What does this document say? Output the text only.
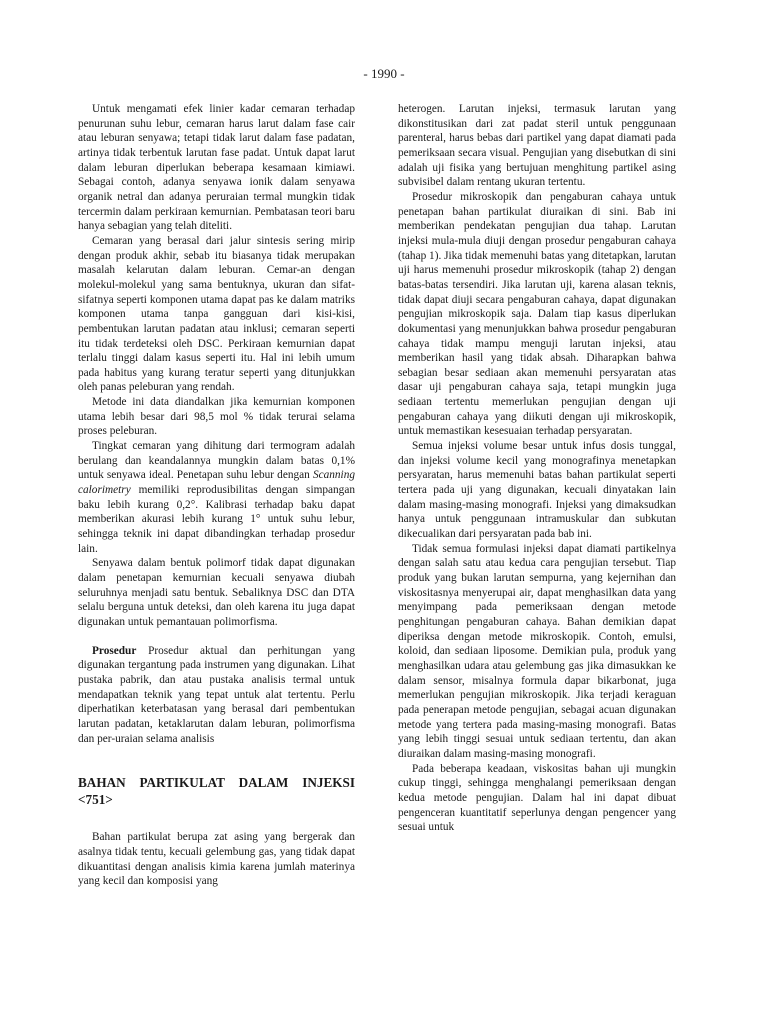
- 1990 -

Untuk mengamati efek linier kadar cemaran terhadap penurunan suhu lebur, cemaran harus larut dalam fase cair atau leburan senyawa; tetapi tidak larut dalam fase padatan, artinya tidak terbentuk larutan fase padat. Untuk dapat larut dalam leburan diperlukan beberapa kesamaan kimiawi. Sebagai contoh, adanya senyawa ionik dalam senyawa organik netral dan adanya peruraian termal mungkin tidak tercermin dalam perkiraan kemurnian. Pembatasan teori baru hanya sebagian yang telah diteliti.

Cemaran yang berasal dari jalur sintesis sering mirip dengan produk akhir, sebab itu biasanya tidak merupakan masalah kelarutan dalam leburan. Cemar-an dengan molekul-molekul yang sama bentuknya, ukuran dan sifat-sifatnya seperti komponen utama dapat pas ke dalam matriks komponen utama tanpa gangguan dari kisi-kisi, pembentukan larutan padatan atau inklusi; cemaran seperti itu tidak terdeteksi oleh DSC. Perkiraan kemurnian dapat terlalu tinggi dalam kasus seperti itu. Hal ini lebih umum pada habitus yang kurang teratur seperti yang ditunjukkan oleh panas peleburan yang rendah.

Metode ini data diandalkan jika kemurnian komponen utama lebih besar dari 98,5 mol % tidak terurai selama proses peleburan.

Tingkat cemaran yang dihitung dari termogram adalah berulang dan keandalannya mungkin dalam batas 0,1% untuk senyawa ideal. Penetapan suhu lebur dengan Scanning calorimetry memiliki reprodusibilitas dengan simpangan baku lebih kurang 0,2°. Kalibrasi terhadap baku dapat memberikan akurasi lebih kurang 1° untuk suhu lebur, sehingga teknik ini dapat dibandingkan terhadap prosedur lain.

Senyawa dalam bentuk polimorf tidak dapat digunakan dalam penetapan kemurnian kecuali senyawa diubah seluruhnya menjadi satu bentuk. Sebaliknya DSC dan DTA selalu berguna untuk deteksi, dan oleh karena itu juga dapat digunakan untuk pemantauan polimorfisma.

Prosedur Prosedur aktual dan perhitungan yang digunakan tergantung pada instrumen yang digunakan. Lihat pustaka pabrik, dan atau pustaka analisis termal untuk mendapatkan teknik yang tepat untuk alat tertentu. Perlu diperhatikan keterbatasan yang berasal dari pembentukan larutan padatan, ketaklarutan dalam leburan, polimorfisma dan per-uraian selama analisis

BAHAN PARTIKULAT DALAM INJEKSI <751>

Bahan partikulat berupa zat asing yang bergerak dan asalnya tidak tentu, kecuali gelembung gas, yang tidak dapat dikuantitasi dengan analisis kimia karena jumlah materinya yang kecil dan komposisi yang

heterogen. Larutan injeksi, termasuk larutan yang dikonstitusikan dari zat padat steril untuk penggunaan parenteral, harus bebas dari partikel yang dapat diamati pada pemeriksaan secara visual. Pengujian yang disebutkan di sini adalah uji fisika yang bertujuan menghitung partikel asing subvisibel dalam rentang ukuran tertentu.

Prosedur mikroskopik dan pengaburan cahaya untuk penetapan bahan partikulat diuraikan di sini. Bab ini memberikan pendekatan pengujian dua tahap. Larutan injeksi mula-mula diuji dengan prosedur pengaburan cahaya (tahap 1). Jika tidak memenuhi batas yang ditetapkan, larutan uji harus memenuhi prosedur mikroskopik (tahap 2) dengan batas-batas tersendiri. Jika larutan uji, karena alasan teknis, tidak dapat diuji secara pengaburan cahaya, dapat digunakan pengujian mikroskopik saja. Dalam tiap kasus diperlukan dokumentasi yang menunjukkan bahwa prosedur pengaburan cahaya tidak mampu menguji larutan injeksi, atau memberikan hasil yang tidak absah. Diharapkan bahwa sebagian besar sediaan akan memenuhi persyaratan atas dasar uji pengaburan cahaya saja, tetapi mungkin juga sediaan tertentu memerlukan pengujian dengan uji pengaburan cahaya yang diikuti dengan uji mikroskopik, untuk memastikan kesesuaian terhadap persyaratan.

Semua injeksi volume besar untuk infus dosis tunggal, dan injeksi volume kecil yang monografinya menetapkan persyaratan, harus memenuhi batas bahan partikulat seperti tertera pada uji yang digunakan, kecuali dinyatakan lain dalam masing-masing monografi. Injeksi yang dimaksudkan hanya untuk penggunaan intramuskular dan subkutan dikecualikan dari persyaratan pada bab ini.

Tidak semua formulasi injeksi dapat diamati partikelnya dengan salah satu atau kedua cara pengujian tersebut. Tiap produk yang bukan larutan sempurna, yang kejernihan dan viskositasnya menyerupai air, dapat menghasilkan data yang menyimpang pada pemeriksaan dengan metode penghitungan pengaburan cahaya. Bahan demikian dapat diperiksa dengan metode mikroskopik. Contoh, emulsi, koloid, dan sediaan liposome. Demikian pula, produk yang menghasilkan udara atau gelembung gas jika dimasukkan ke dalam sensor, misalnya formula dapar bikarbonat, juga memerlukan pengujian mikroskopik. Jika terjadi keraguan pada penerapan metode pengujian, sebagai acuan digunakan metode yang tertera pada masing-masing monografi. Batas yang lebih tinggi sesuai untuk sediaan tertentu, dan akan diuraikan dalam masing-masing monografi.

Pada beberapa keadaan, viskositas bahan uji mungkin cukup tinggi, sehingga menghalangi pemeriksaan dengan kedua metode pengujian. Dalam hal ini dapat dibuat pengenceran kuantitatif seperlunya dengan pengencer yang sesuai untuk
